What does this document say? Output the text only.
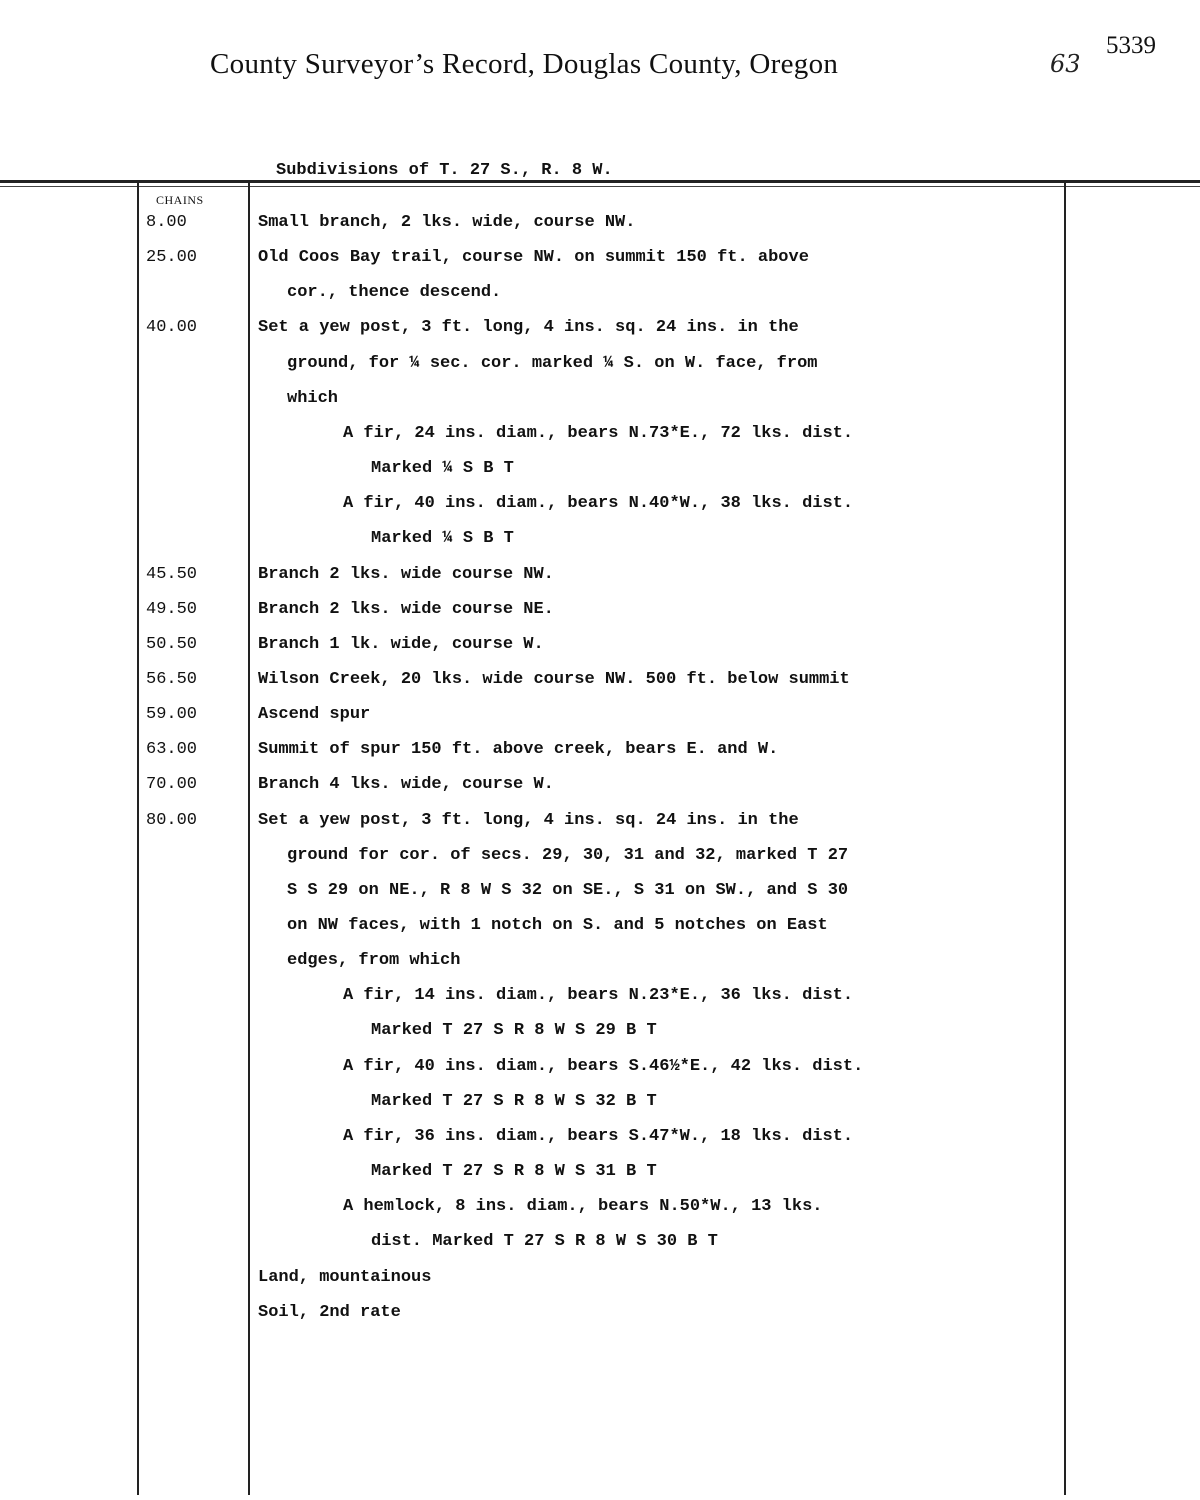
County Surveyor’s Record, Douglas County, Oregon	63
5339
Subdivisions of T. 27 S., R. 8 W.
CHAINS
8.00	Small branch, 2 lks. wide, course NW.
25.00	Old Coos Bay trail, course NW. on summit 150 ft. above
cor., thence descend.
40.00	Set a yew post, 3 ft. long, 4 ins. sq. 24 ins. in the
ground, for ¼ sec. cor. marked ¼ S. on W. face, from
which
A fir, 24 ins. diam., bears N.73*E., 72 lks. dist.
Marked ¼ S B T
A fir, 40 ins. diam., bears N.40*W., 38 lks. dist.
Marked ¼ S B T
45.50	Branch 2 lks. wide course NW.
49.50	Branch 2 lks. wide course NE.
50.50	Branch 1 lk. wide, course W.
56.50	Wilson Creek, 20 lks. wide course NW. 500 ft. below summit
59.00	Ascend spur
63.00	Summit of spur 150 ft. above creek, bears E. and W.
70.00	Branch 4 lks. wide, course W.
80.00	Set a yew post, 3 ft. long, 4 ins. sq. 24 ins. in the
ground for cor. of secs. 29, 30, 31 and 32, marked T 27
S S 29 on NE., R 8 W S 32 on SE., S 31 on SW., and S 30
on NW faces, with 1 notch on S. and 5 notches on East
edges, from which
A fir, 14 ins. diam., bears N.23*E., 36 lks. dist.
Marked T 27 S R 8 W S 29 B T
A fir, 40 ins. diam., bears S.46½*E., 42 lks. dist.
Marked T 27 S R 8 W S 32 B T
A fir, 36 ins. diam., bears S.47*W., 18 lks. dist.
Marked T 27 S R 8 W S 31 B T
A hemlock, 8 ins. diam., bears N.50*W., 13 lks.
dist. Marked T 27 S R 8 W S 30 B T
Land, mountainous
Soil, 2nd rate
